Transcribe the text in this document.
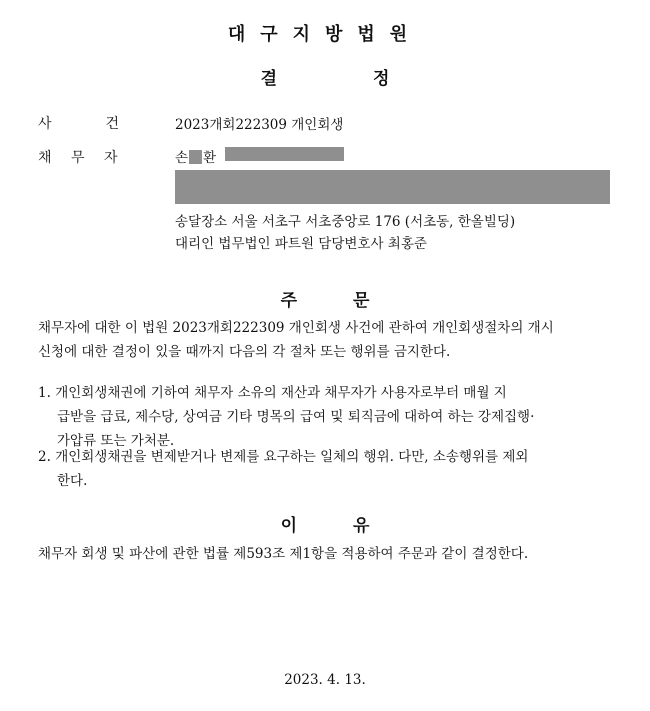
대구지방법원
결	정
사	건	2023개회222309 개인회생
채 무 자	손 환
송달장소 서울 서초구 서초중앙로 176 (서초동, 한올빌딩)
대리인 법무법인 파트원 담당변호사 최홍준
주	문
채무자에 대한 이 법원 2023개회222309 개인회생 사건에 관하여 개인회생절차의 개시
신청에 대한 결정이 있을 때까지 다음의 각 절차 또는 행위를 금지한다.
1. 개인회생채권에 기하여 채무자 소유의 재산과 채무자가 사용자로부터 매월 지
급받을 급료, 제수당, 상여금 기타 명목의 급여 및 퇴직금에 대하여 하는 강제집행·
가압류 또는 가처분.
2. 개인회생채권을 변제받거나 변제를 요구하는 일체의 행위. 다만, 소송행위를 제외
한다.
이	유
채무자 회생 및 파산에 관한 법률 제593조 제1항을 적용하여 주문과 같이 결정한다.
2023. 4. 13.
